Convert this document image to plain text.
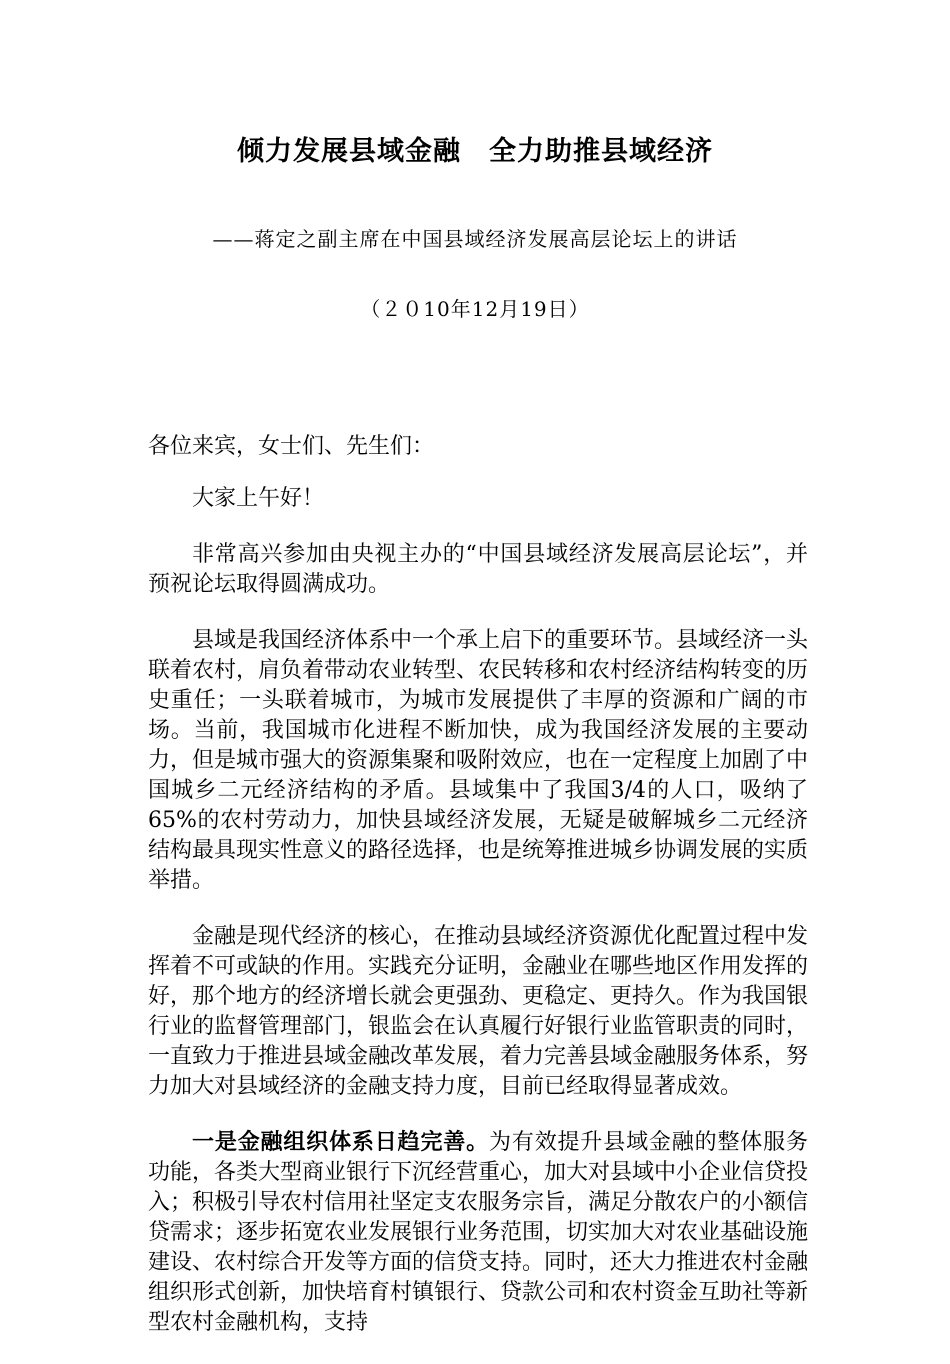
倾力发展县域金融　全力助推县域经济
——蒋定之副主席在中国县域经济发展高层论坛上的讲话
（２０10年12月19日）

各位来宾，女士们、先生们：

大家上午好！

非常高兴参加由央视主办的“中国县域经济发展高层论坛”，并预祝论坛取得圆满成功。

县域是我国经济体系中一个承上启下的重要环节。县域经济一头联着农村，肩负着带动农业转型、农民转移和农村经济结构转变的历史重任；一头联着城市，为城市发展提供了丰厚的资源和广阔的市场。当前，我国城市化进程不断加快，成为我国经济发展的主要动力，但是城市强大的资源集聚和吸附效应，也在一定程度上加剧了中国城乡二元经济结构的矛盾。县域集中了我国3/4的人口，吸纳了65%的农村劳动力，加快县域经济发展，无疑是破解城乡二元经济结构最具现实性意义的路径选择，也是统筹推进城乡协调发展的实质举措。

金融是现代经济的核心，在推动县域经济资源优化配置过程中发挥着不可或缺的作用。实践充分证明，金融业在哪些地区作用发挥的好，那个地方的经济增长就会更强劲、更稳定、更持久。作为我国银行业的监督管理部门，银监会在认真履行好银行业监管职责的同时，一直致力于推进县域金融改革发展，着力完善县域金融服务体系，努力加大对县域经济的金融支持力度，目前已经取得显著成效。

一是金融组织体系日趋完善。为有效提升县域金融的整体服务功能，各类大型商业银行下沉经营重心，加大对县域中小企业信贷投入；积极引导农村信用社坚定支农服务宗旨，满足分散农户的小额信贷需求；逐步拓宽农业发展银行业务范围，切实加大对农业基础设施建设、农村综合开发等方面的信贷支持。同时，还大力推进农村金融组织形式创新，加快培育村镇银行、贷款公司和农村资金互助社等新型农村金融机构，支持
